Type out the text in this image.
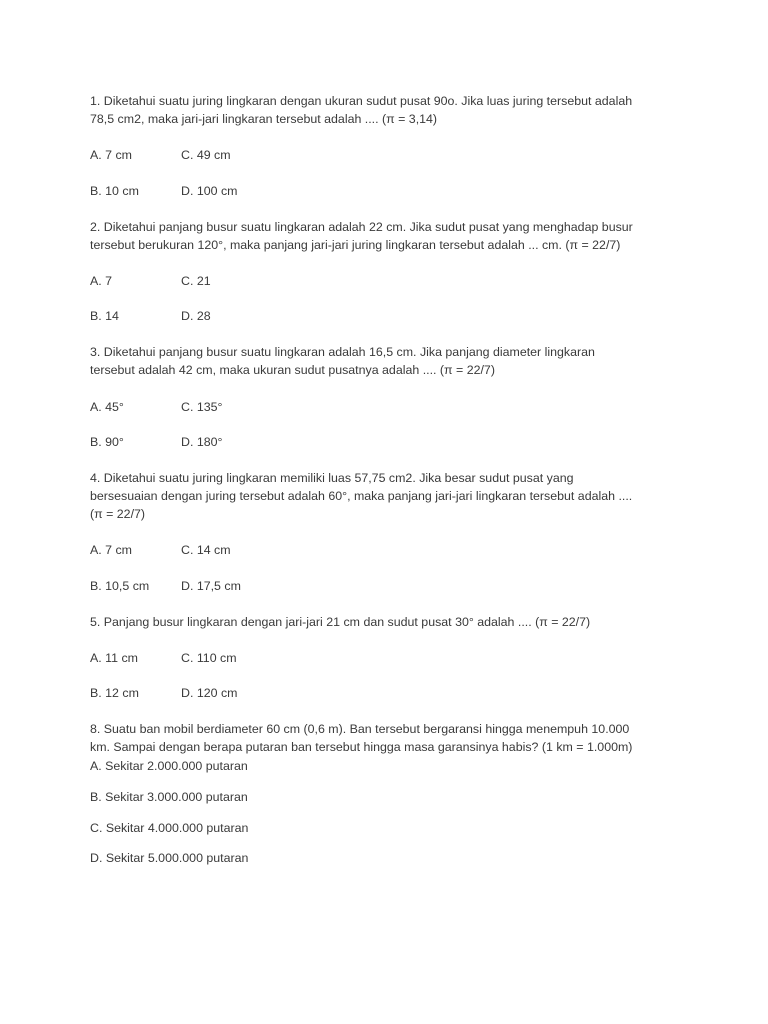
1. Diketahui suatu juring lingkaran dengan ukuran sudut pusat 90o. Jika luas juring tersebut adalah
78,5 cm2, maka jari-jari lingkaran tersebut adalah .... (π = 3,14)

A. 7 cm	C. 49 cm

B. 10 cm	D. 100 cm

2. Diketahui panjang busur suatu lingkaran adalah 22 cm. Jika sudut pusat yang menghadap busur
tersebut berukuran 120°, maka panjang jari-jari juring lingkaran tersebut adalah ... cm. (π = 22/7)

A. 7	C. 21

B. 14	D. 28

3. Diketahui panjang busur suatu lingkaran adalah 16,5 cm. Jika panjang diameter lingkaran
tersebut adalah 42 cm, maka ukuran sudut pusatnya adalah .... (π = 22/7)

A. 45°	C. 135°

B. 90°	D. 180°

4. Diketahui suatu juring lingkaran memiliki luas 57,75 cm2. Jika besar sudut pusat yang
bersesuaian dengan juring tersebut adalah 60°, maka panjang jari-jari lingkaran tersebut adalah ....
(π = 22/7)

A. 7 cm	C. 14 cm

B. 10,5 cm	D. 17,5 cm

5. Panjang busur lingkaran dengan jari-jari 21 cm dan sudut pusat 30° adalah .... (π = 22/7)

A. 11 cm	C. 110 cm

B. 12 cm	D. 120 cm

8. Suatu ban mobil berdiameter 60 cm (0,6 m). Ban tersebut bergaransi hingga menempuh 10.000
km. Sampai dengan berapa putaran ban tersebut hingga masa garansinya habis? (1 km = 1.000m)

A. Sekitar 2.000.000 putaran

B. Sekitar 3.000.000 putaran

C. Sekitar 4.000.000 putaran

D. Sekitar 5.000.000 putaran
